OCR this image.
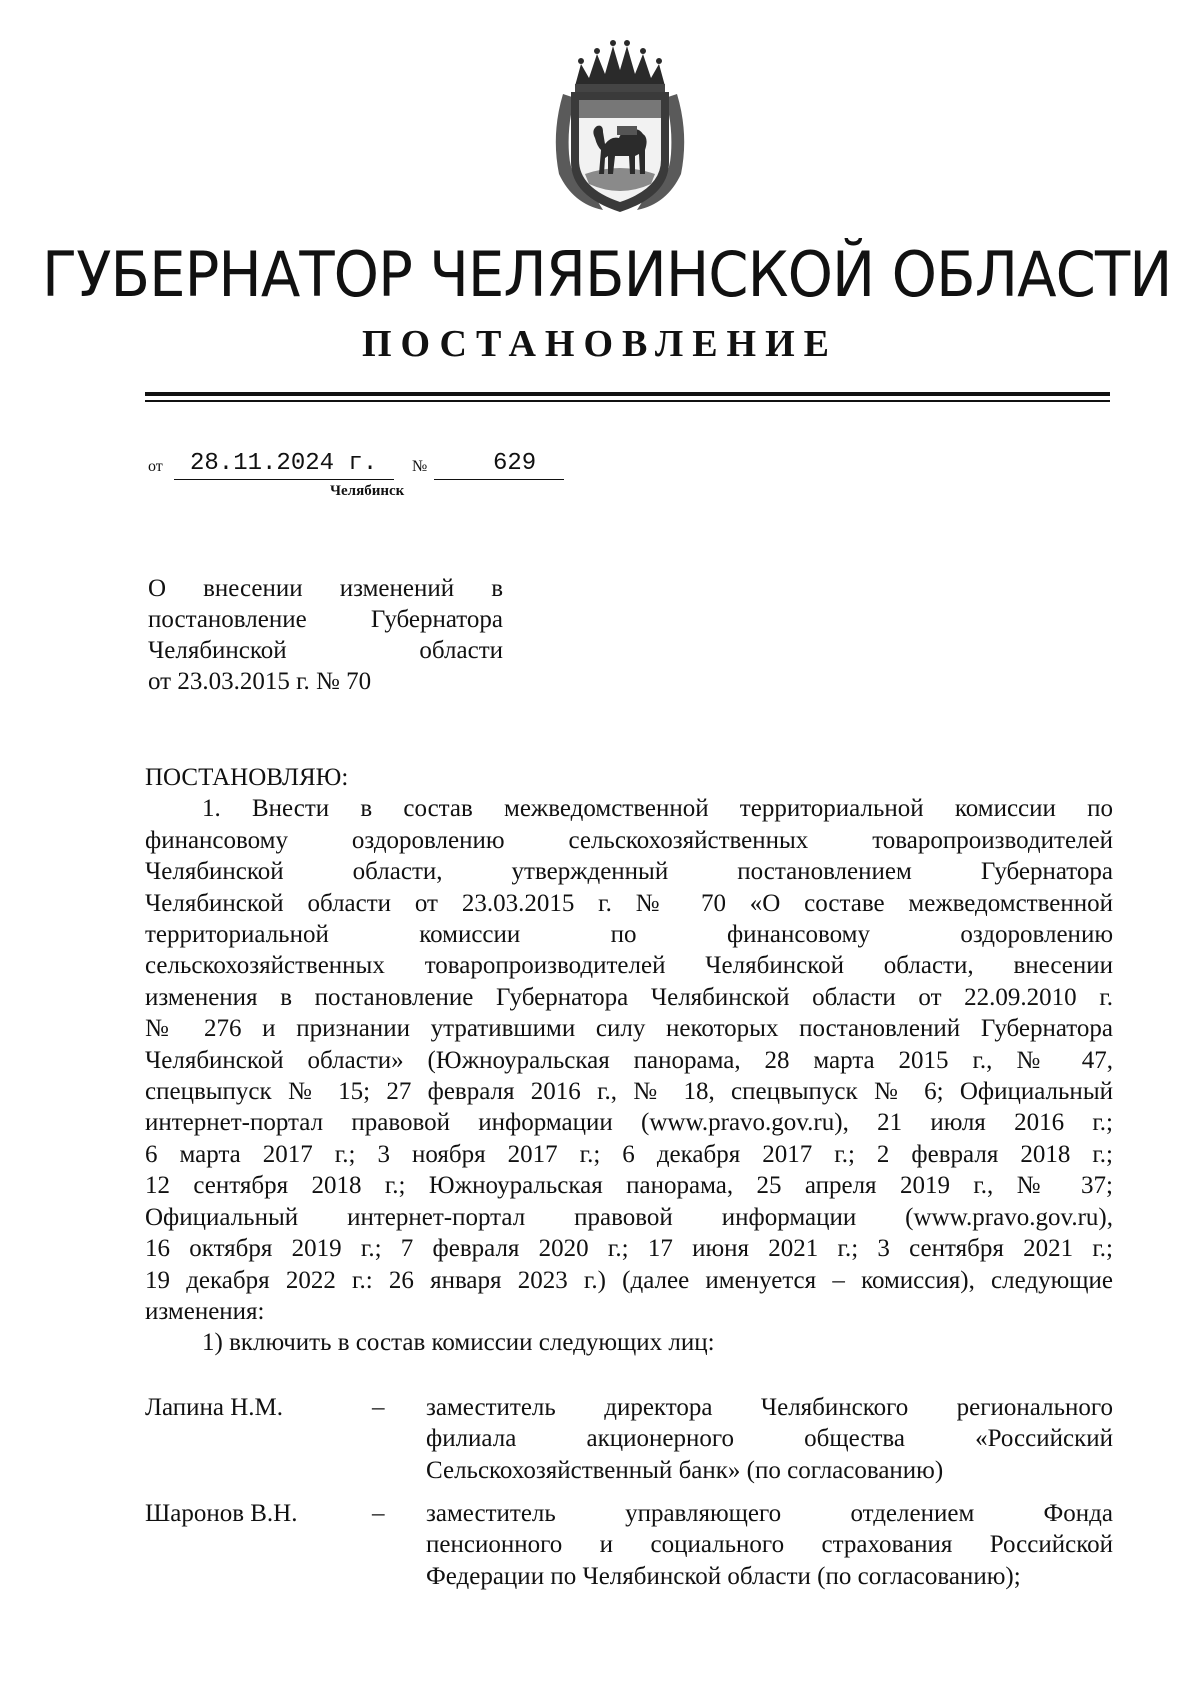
ГУБЕРНАТОР ЧЕЛЯБИНСКОЙ ОБЛАСТИ
ПОСТАНОВЛЕНИЕ
от 28.11.2024 г. №	629
Челябинск
О внесении изменений в
постановление Губернатора
Челябинской области
от 23.03.2015 г. № 70
ПОСТАНОВЛЯЮ:
1. Внести в состав межведомственной территориальной комиссии по
финансовому оздоровлению сельскохозяйственных товаропроизводителей
Челябинской области, утвержденный постановлением Губернатора
Челябинской области от 23.03.2015 г. № 70 «О составе межведомственной
территориальной комиссии по финансовому оздоровлению
сельскохозяйственных товаропроизводителей Челябинской области, внесении
изменения в постановление Губернатора Челябинской области от 22.09.2010 г.
№ 276 и признании утратившими силу некоторых постановлений Губернатора
Челябинской области» (Южноуральская панорама, 28 марта 2015 г., № 47,
спецвыпуск № 15; 27 февраля 2016 г., № 18, спецвыпуск № 6; Официальный
интернет-портал правовой информации (www.pravo.gov.ru), 21 июля 2016 г.;
6 марта 2017 г.; 3 ноября 2017 г.; 6 декабря 2017 г.; 2 февраля 2018 г.;
12 сентября 2018 г.; Южноуральская панорама, 25 апреля 2019 г., № 37;
Официальный интернет-портал правовой информации (www.pravo.gov.ru),
16 октября 2019 г.; 7 февраля 2020 г.; 17 июня 2021 г.; 3 сентября 2021 г.;
19 декабря 2022 г.: 26 января 2023 г.) (далее именуется – комиссия), следующие
изменения:
1) включить в состав комиссии следующих лиц:
Лапина Н.М.	– заместитель директора Челябинского регионального
филиала акционерного общества «Российский
Сельскохозяйственный банк» (по согласованию)
Шаронов В.Н.	– заместитель управляющего отделением Фонда
пенсионного и социального страхования Российской
Федерации по Челябинской области (по согласованию);
